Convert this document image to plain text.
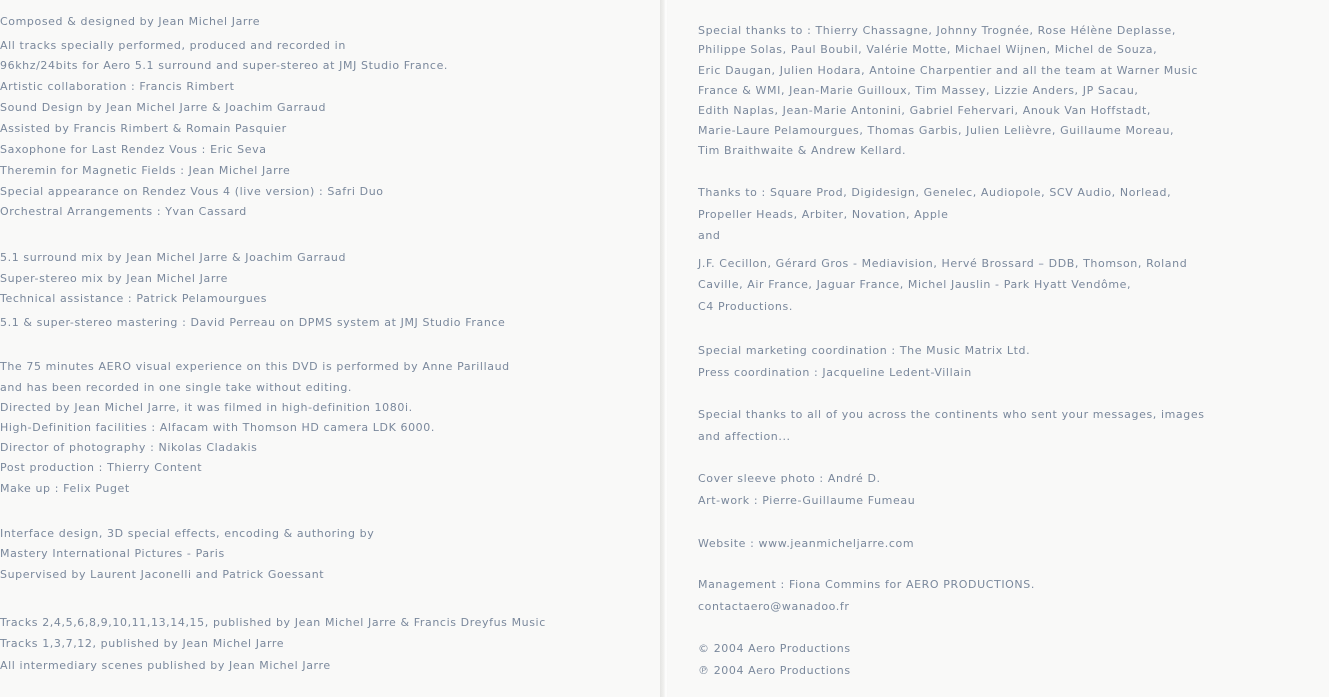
Composed & designed by Jean Michel Jarre
All tracks specially performed, produced and recorded in
96khz/24bits for Aero 5.1 surround and super-stereo at JMJ Studio France.
Artistic collaboration : Francis Rimbert
Sound Design by Jean Michel Jarre & Joachim Garraud
Assisted by Francis Rimbert & Romain Pasquier
Saxophone for Last Rendez Vous : Eric Seva
Theremin for Magnetic Fields : Jean Michel Jarre
Special appearance on Rendez Vous 4 (live version) : Safri Duo
Orchestral Arrangements : Yvan Cassard
5.1 surround mix by Jean Michel Jarre & Joachim Garraud
Super-stereo mix by Jean Michel Jarre
Technical assistance : Patrick Pelamourgues
5.1 & super-stereo mastering : David Perreau on DPMS system at JMJ Studio France
The 75 minutes AERO visual experience on this DVD is performed by Anne Parillaud
and has been recorded in one single take without editing.
Directed by Jean Michel Jarre, it was filmed in high-definition 1080i.
High-Definition facilities : Alfacam with Thomson HD camera LDK 6000.
Director of photography : Nikolas Cladakis
Post production : Thierry Content
Make up : Felix Puget
Interface design, 3D special effects, encoding & authoring by
Mastery International Pictures - Paris
Supervised by Laurent Jaconelli and Patrick Goessant
Tracks 2,4,5,6,8,9,10,11,13,14,15, published by Jean Michel Jarre & Francis Dreyfus Music
Tracks 1,3,7,12, published by Jean Michel Jarre
All intermediary scenes published by Jean Michel Jarre
Special thanks to : Thierry Chassagne, Johnny Trognée, Rose Hélène Deplasse,
Philippe Solas, Paul Boubil, Valérie Motte, Michael Wijnen, Michel de Souza,
Eric Daugan, Julien Hodara, Antoine Charpentier and all the team at Warner Music
France & WMI, Jean-Marie Guilloux, Tim Massey, Lizzie Anders, JP Sacau,
Edith Naplas, Jean-Marie Antonini, Gabriel Fehervari, Anouk Van Hoffstadt,
Marie-Laure Pelamourgues, Thomas Garbis, Julien Lelièvre, Guillaume Moreau,
Tim Braithwaite & Andrew Kellard.
Thanks to : Square Prod, Digidesign, Genelec, Audiopole, SCV Audio, Norlead,
Propeller Heads, Arbiter, Novation, Apple
and
J.F. Cecillon, Gérard Gros - Mediavision, Hervé Brossard – DDB, Thomson, Roland
Caville, Air France, Jaguar France, Michel Jauslin - Park Hyatt Vendôme,
C4 Productions.
Special marketing coordination : The Music Matrix Ltd.
Press coordination : Jacqueline Ledent-Villain
Special thanks to all of you across the continents who sent your messages, images
and affection...
Cover sleeve photo : André D.
Art-work : Pierre-Guillaume Fumeau
Website : www.jeanmicheljarre.com
Management : Fiona Commins for AERO PRODUCTIONS.
contactaero@wanadoo.fr
© 2004 Aero Productions
℗ 2004 Aero Productions
